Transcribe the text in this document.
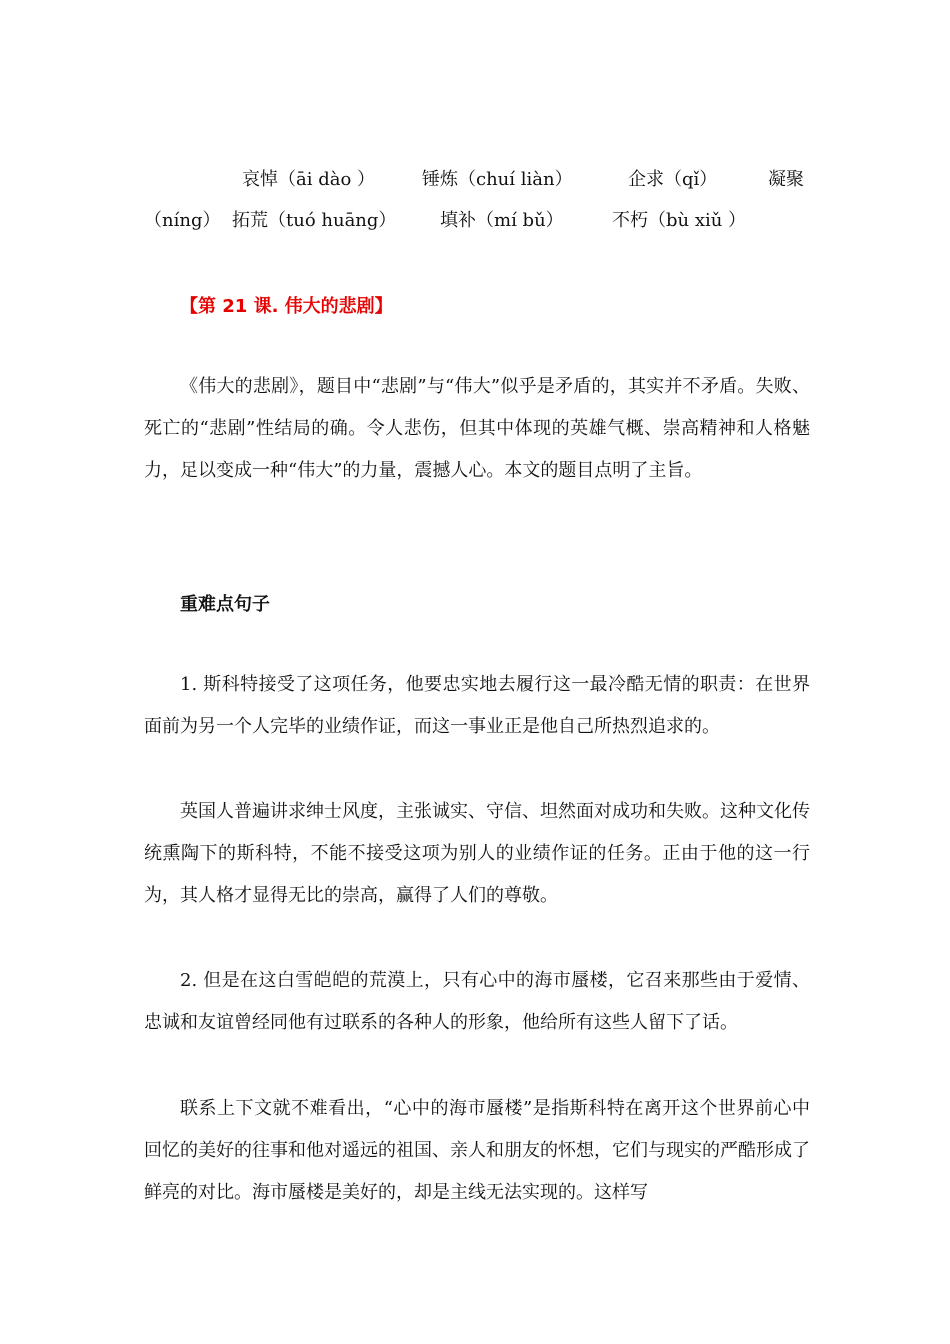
哀悼（āi dào ）	锤炼（chuí liàn）	企求（qǐ）	凝聚
（níng） 拓荒（tuó huāng） 填补（mí bǔ）	不朽（bù xiǔ ）
【第 21 课. 伟大的悲剧】

《伟大的悲剧》，题目中“悲剧”与“伟大”似乎是矛盾的，其实并不矛盾。失败、死亡的“悲剧”性结局的确。令人悲伤，但其中体现的英雄气概、崇高精神和人格魅力，足以变成一种“伟大”的力量，震撼人心。本文的题目点明了主旨。

重难点句子

1. 斯科特接受了这项任务，他要忠实地去履行这一最冷酷无情的职责：在世界面前为另一个人完毕的业绩作证，而这一事业正是他自己所热烈追求的。

英国人普遍讲求绅士风度，主张诚实、守信、坦然面对成功和失败。这种文化传统熏陶下的斯科特，不能不接受这项为别人的业绩作证的任务。正由于他的这一行为，其人格才显得无比的崇高，赢得了人们的尊敬。

2. 但是在这白雪皑皑的荒漠上，只有心中的海市蜃楼，它召来那些由于爱情、忠诚和友谊曾经同他有过联系的各种人的形象，他给所有这些人留下了话。

联系上下文就不难看出，“心中的海市蜃楼”是指斯科特在离开这个世界前心中回忆的美好的往事和他对遥远的祖国、亲人和朋友的怀想，它们与现实的严酷形成了鲜亮的对比。海市蜃楼是美好的，却是主线无法实现的。这样写
